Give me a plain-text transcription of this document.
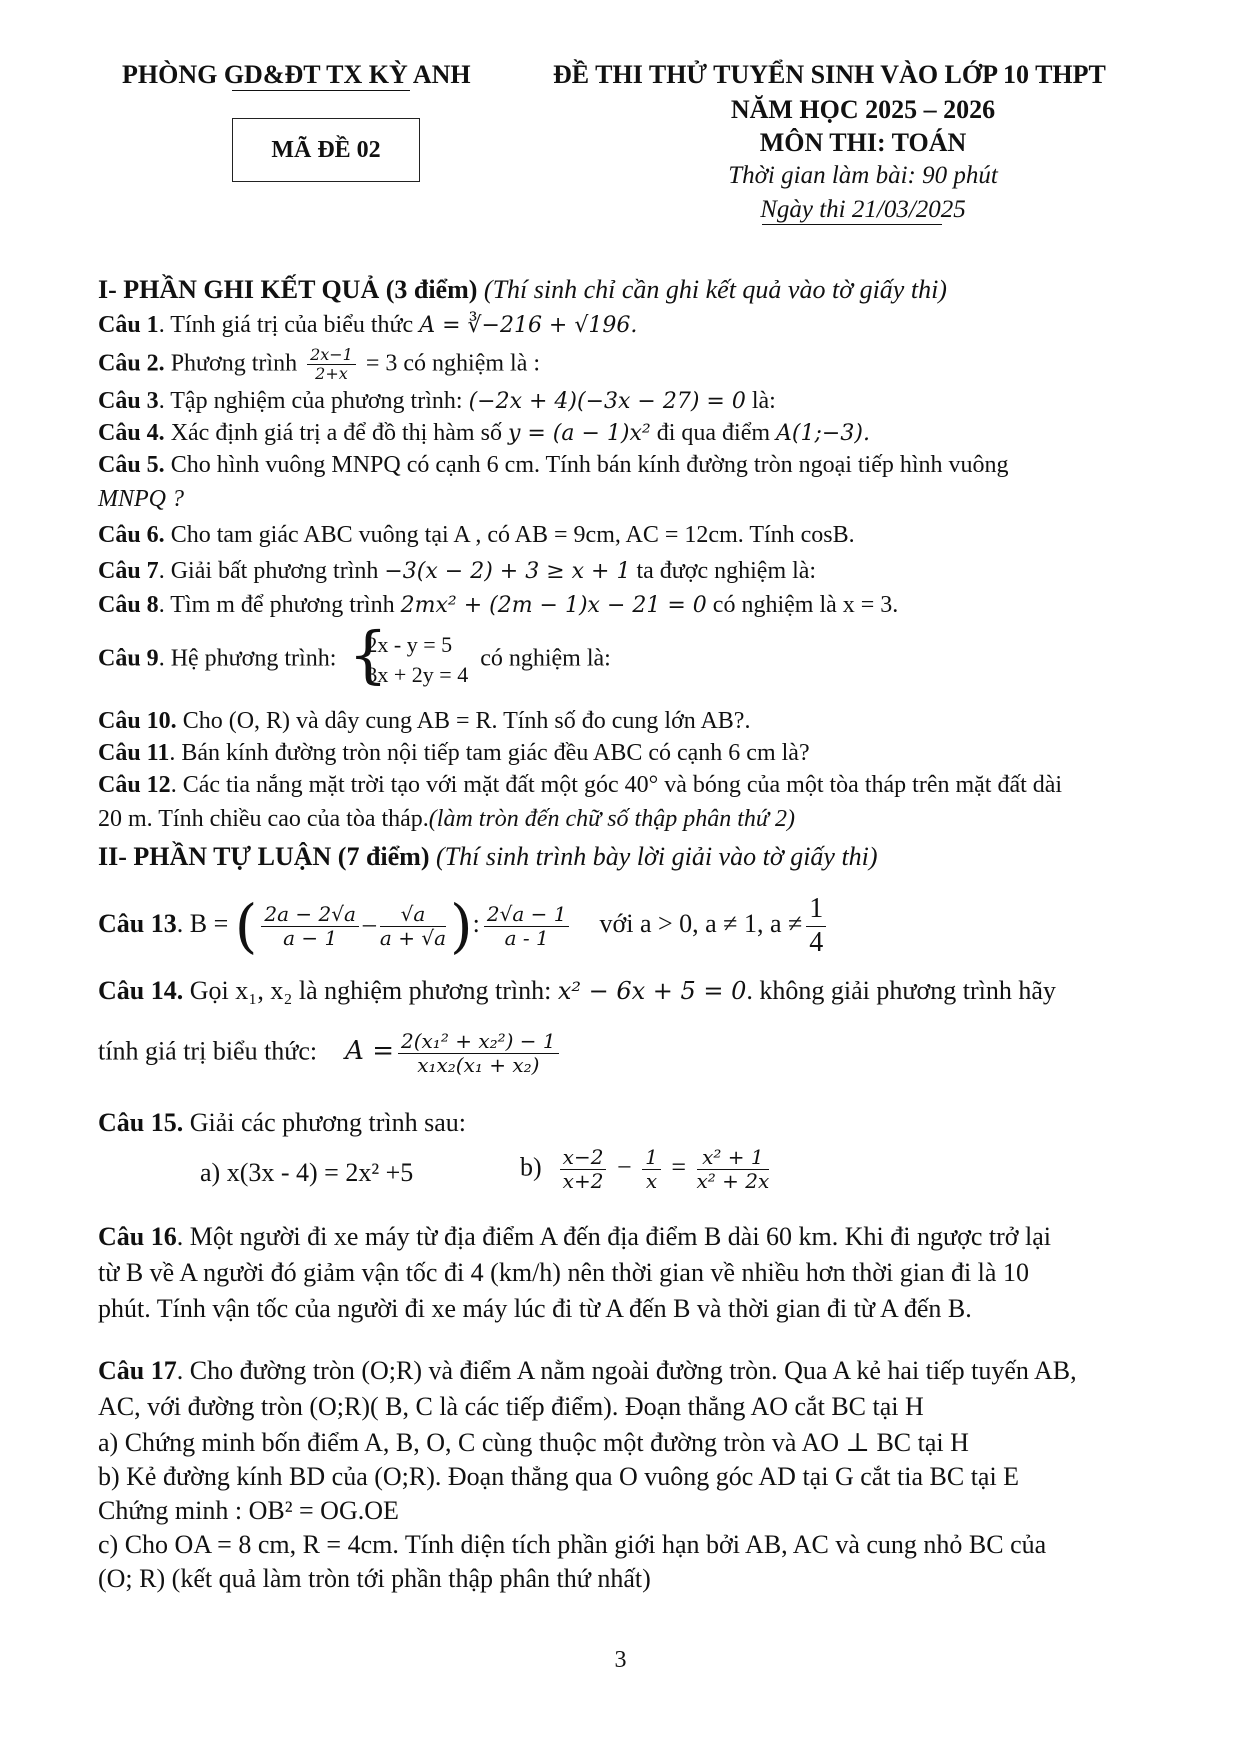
PHÒNG GD&ĐT TX KỲ ANH	ĐỀ THI THỬ TUYỂN SINH VÀO LỚP 10 THPT
NĂM HỌC 2025 – 2026
MÃ ĐỀ 02	MÔN THI: TOÁN
Thời gian làm bài: 90 phút
Ngày thi 21/03/2025
I- PHẦN GHI KẾT QUẢ (3 điểm) (Thí sinh chỉ cần ghi kết quả vào tờ giấy thi)
Câu 1. Tính giá trị của biểu thức A = ∛−216 + √196.
Câu 2. Phương trình $\frac{2x-1}{2+x} = 3$ có nghiệm là :
Câu 3. Tập nghiệm của phương trình: (−2x + 4)(−3x − 27) = 0 là:
Câu 4. Xác định giá trị a để đồ thị hàm số y = (a − 1)x² đi qua điểm A(1;−3).
Câu 5. Cho hình vuông MNPQ có cạnh 6 cm. Tính bán kính đường tròn ngoại tiếp hình vuông
MNPQ ?
Câu 6. Cho tam giác ABC vuông tại A , có AB = 9cm, AC = 12cm. Tính cosB.
Câu 7. Giải bất phương trình −3(x − 2) + 3 ≥ x + 1 ta được nghiệm là:
Câu 8. Tìm m để phương trình 2mx² + (2m − 1)x − 21 = 0 có nghiệm là x = 3.
Câu 9. Hệ phương trình: {
2x - y = 5
3x + 2y = 4
có nghiệm là:
Câu 10. Cho (O, R) và dây cung AB = R. Tính số đo cung lớn AB?.
Câu 11. Bán kính đường tròn nội tiếp tam giác đều ABC có cạnh 6 cm là?
Câu 12. Các tia nắng mặt trời tạo với mặt đất một góc 40° và bóng của một tòa tháp trên mặt đất dài
20 m. Tính chiều cao của tòa tháp.(làm tròn đến chữ số thập phân thứ 2)
II- PHẦN TỰ LUẬN (7 điểm) (Thí sinh trình bày lời giải vào tờ giấy thi)
Câu 13. B = ( $\frac{2a - 2√a}{a - 1} - \frac{√a}{a + √a}$ ): $\frac{2√a - 1}{a - 1}$ với a > 0, a ≠ 1, $a \ne \frac{1}{4}$
Câu 14. Gọi x₁, x₂ là nghiệm phương trình: x² − 6x + 5 = 0. không giải phương trình hãy
tính giá trị biểu thức: $A = \frac{\text{2(x₁² + x₂²) − 1}}{\text{x₁x₂(x₁ + x₂)}}$
Câu 15. Giải các phương trình sau:
a) x(3x - 4) = 2x² +5	$b) \frac{x-2}{x+2} - \frac{1}{x} = \frac{\text{x² + 1}}{\text{x² + 2x}}$
Câu 16. Một người đi xe máy từ địa điểm A đến địa điểm B dài 60 km. Khi đi ngược trở lại
từ B về A người đó giảm vận tốc đi 4 (km/h) nên thời gian về nhiều hơn thời gian đi là 10
phút. Tính vận tốc của người đi xe máy lúc đi từ A đến B và thời gian đi từ A đến B.
Câu 17. Cho đường tròn (O;R) và điểm A nằm ngoài đường tròn. Qua A kẻ hai tiếp tuyến AB,
AC, với đường tròn (O;R)( B, C là các tiếp điểm). Đoạn thẳng AO cắt BC tại H
a) Chứng minh bốn điểm A, B, O, C cùng thuộc một đường tròn và AO ⊥ BC tại H
b) Kẻ đường kính BD của (O;R). Đoạn thẳng qua O vuông góc AD tại G cắt tia BC tại E
Chứng minh : OB² = OG.OE
c) Cho OA = 8 cm, R = 4cm. Tính diện tích phần giới hạn bởi AB, AC và cung nhỏ BC của
(O; R) (kết quả làm tròn tới phần thập phân thứ nhất)
3
